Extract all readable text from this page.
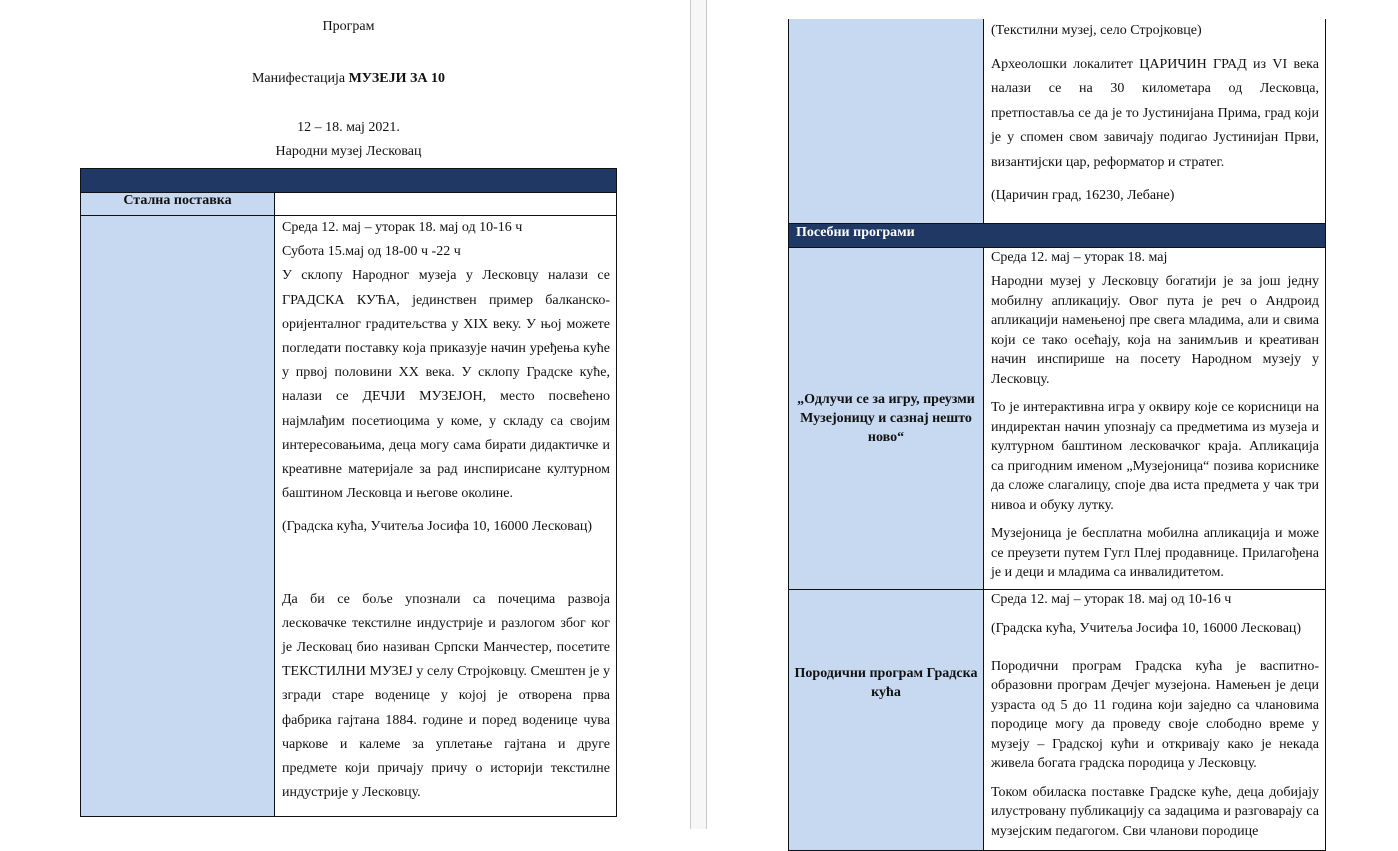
Програм
Манифестација МУЗЕЈИ ЗА 10
12 – 18. мај 2021.
Народни музеј Лесковац

Стална поставка	

	Среда 12. мај – уторак 18. мај од 10-16 ч

Субота 15.мај од 18-00 ч -22 ч

У склопу Народног музеја у Лесковцу налази се ГРАДСКА КУЋА, јединствен пример балканско-оријенталног градитељства у XIX веку. У њој можете погледати поставку која приказује начин уређења куће у првој половини XX века. У склопу Градске куће, налази се ДЕЧЈИ МУЗЕЈОН, место посвећено најмлађим посетиоцима у коме, у складу са својим интересовањима, деца могу сама бирати дидактичке и креативне материјале за рад инспирисане културном баштином Лесковца и његове околине.

(Градска кућа, Учитеља Јосифа 10, 16000 Лесковац)

Да би се боље упознали са почецима развоја лесковачке текстилне индустрије и разлогом због ког је Лесковац био називан Српски Манчестер, посетите ТЕКСТИЛНИ МУЗЕЈ у селу Стројковцу. Смештен је у згради старе воденице у којој је отворена прва фабрика гајтана 1884. године и поред воденице чува чаркове и калеме за уплетање гајтана и друге предмете који причају причу о историји текстилне индустрије у Лесковцу.

	(Текстилни музеј, село Стројковце)

Археолошки локалитет ЦАРИЧИН ГРАД из VI века налази се на 30 километара од Лесковца, претпоставља се да је то Јустинијана Прима, град који је у спомен свом завичају подигао Јустинијан Први, византијски цар, реформатор и стратег.

(Царичин град, 16230, Лебане)

Посебни програми	
„Одлучи се за игру, преузми Музејоницу и сазнај нешто ново“	Среда 12. мај – уторак 18. мај

Народни музеј у Лесковцу богатији је за још једну мобилну апликацију. Овог пута је реч о Андроид апликацији намењеној пре свега младима, али и свима који се тако осећају, која на занимљив и креативан начин инспирише на посету Народном музеју у Лесковцу.

То је интерактивна игра у оквиру које се корисници на индиректан начин упознају са предметима из музеја и културном баштином лесковачког краја. Апликација са пригодним именом „Музејоница“ позива кориснике да сложе слагалицу, споје два иста предмета у чак три нивоа и обуку лутку.

Музејоница је бесплатна мобилна апликација и може се преузети путем Гугл Плеј продавнице. Прилагођена је и деци и младима са инвалидитетом.

Породични програм Градска кућа	Среда 12. мај – уторак 18. мај од 10-16 ч

(Градска кућа, Учитеља Јосифа 10, 16000 Лесковац)

Породични програм Градска кућа је васпитно-образовни програм Дечјег музејона. Намењен је деци узраста од 5 до 11 година који заједно са члановима породице могу да проведу своје слободно време у музеју – Градској кући и откривају како је некада живела богата градска породица у Лесковцу.

Током обиласка поставке Градске куће, деца добијају илустровану публикацију са задацима и разговарају са музејским педагогом. Сви чланови породице
